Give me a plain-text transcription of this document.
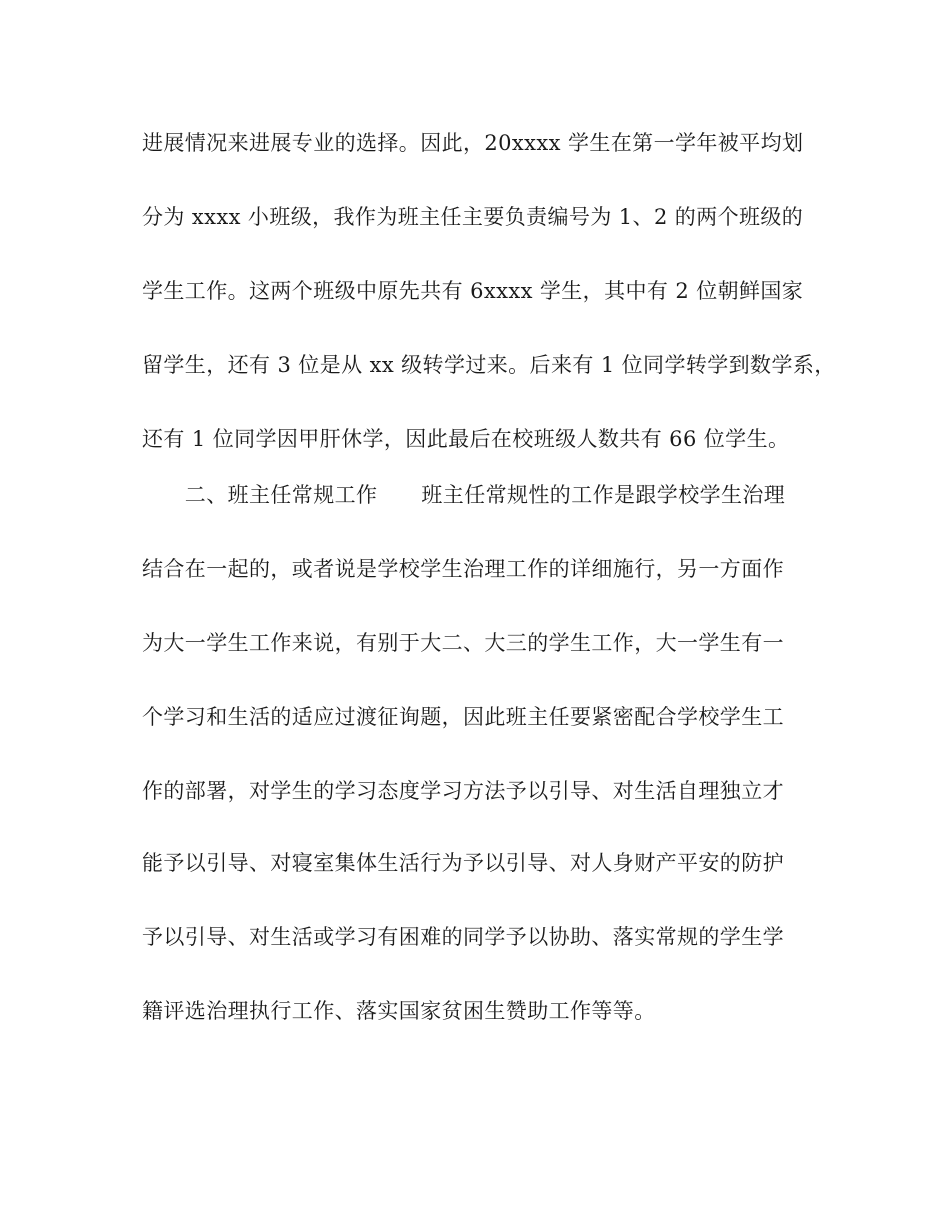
进展情况来进展专业的选择。因此，20xxxx 学生在第一学年被平均划
分为 xxxx 小班级，我作为班主任主要负责编号为 1、2 的两个班级的
学生工作。这两个班级中原先共有 6xxxx 学生，其中有 2 位朝鲜国家
留学生，还有 3 位是从 xx 级转学过来。后来有 1 位同学转学到数学系，
还有 1 位同学因甲肝休学，因此最后在校班级人数共有 66 位学生。
　　二、班主任常规工作 班主任常规性的工作是跟学校学生治理
结合在一起的，或者说是学校学生治理工作的详细施行，另一方面作
为大一学生工作来说，有别于大二、大三的学生工作，大一学生有一
个学习和生活的适应过渡征询题，因此班主任要紧密配合学校学生工
作的部署，对学生的学习态度学习方法予以引导、对生活自理独立才
能予以引导、对寝室集体生活行为予以引导、对人身财产平安的防护
予以引导、对生活或学习有困难的同学予以协助、落实常规的学生学
籍评选治理执行工作、落实国家贫困生赞助工作等等。
